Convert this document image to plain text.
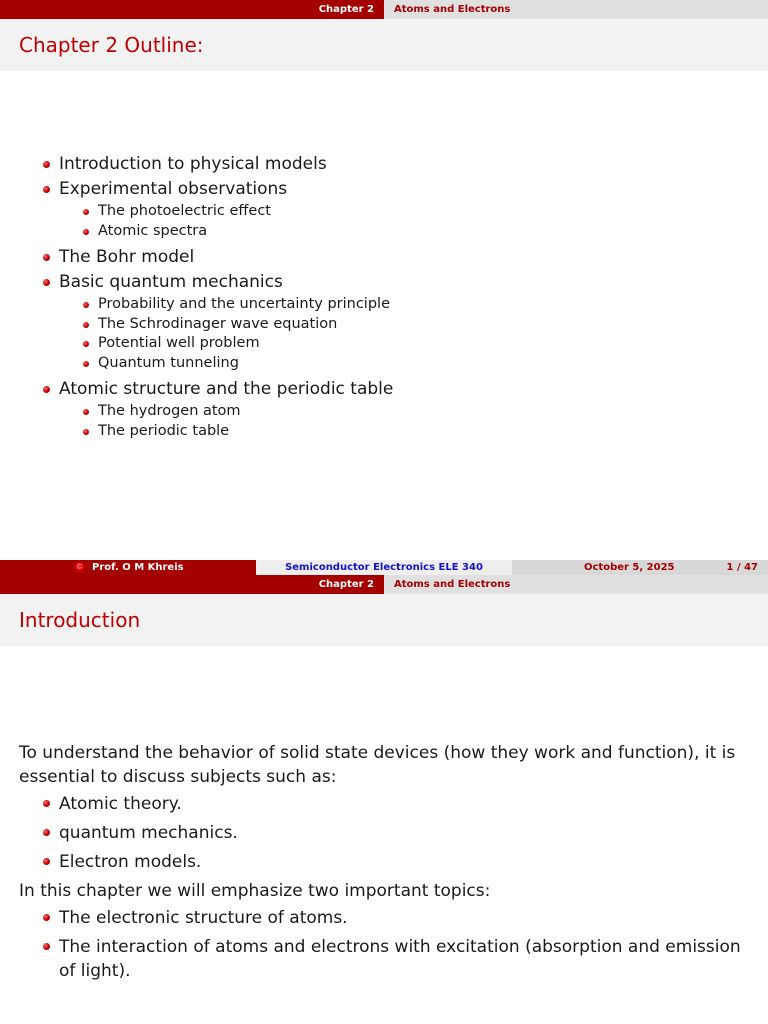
Chapter 2	Atoms and Electrons
Chapter 2 Outline:
Introduction to physical models
Experimental observations
The photoelectric effect
Atomic spectra
The Bohr model
Basic quantum mechanics
Probability and the uncertainty principle
The Schrodinager wave equation
Potential well problem
Quantum tunneling
Atomic structure and the periodic table
The hydrogen atom
The periodic table
© Prof. O M Khreis	Semiconductor Electronics ELE 340	October 5, 2025	1 / 47
Chapter 2	Atoms and Electrons
Introduction

To understand the behavior of solid state devices (how they work and function), it is essential to discuss subjects such as:

Atomic theory.
quantum mechanics.
Electron models.

In this chapter we will emphasize two important topics:

The electronic structure of atoms.
The interaction of atoms and electrons with excitation (absorption and emission of light).
